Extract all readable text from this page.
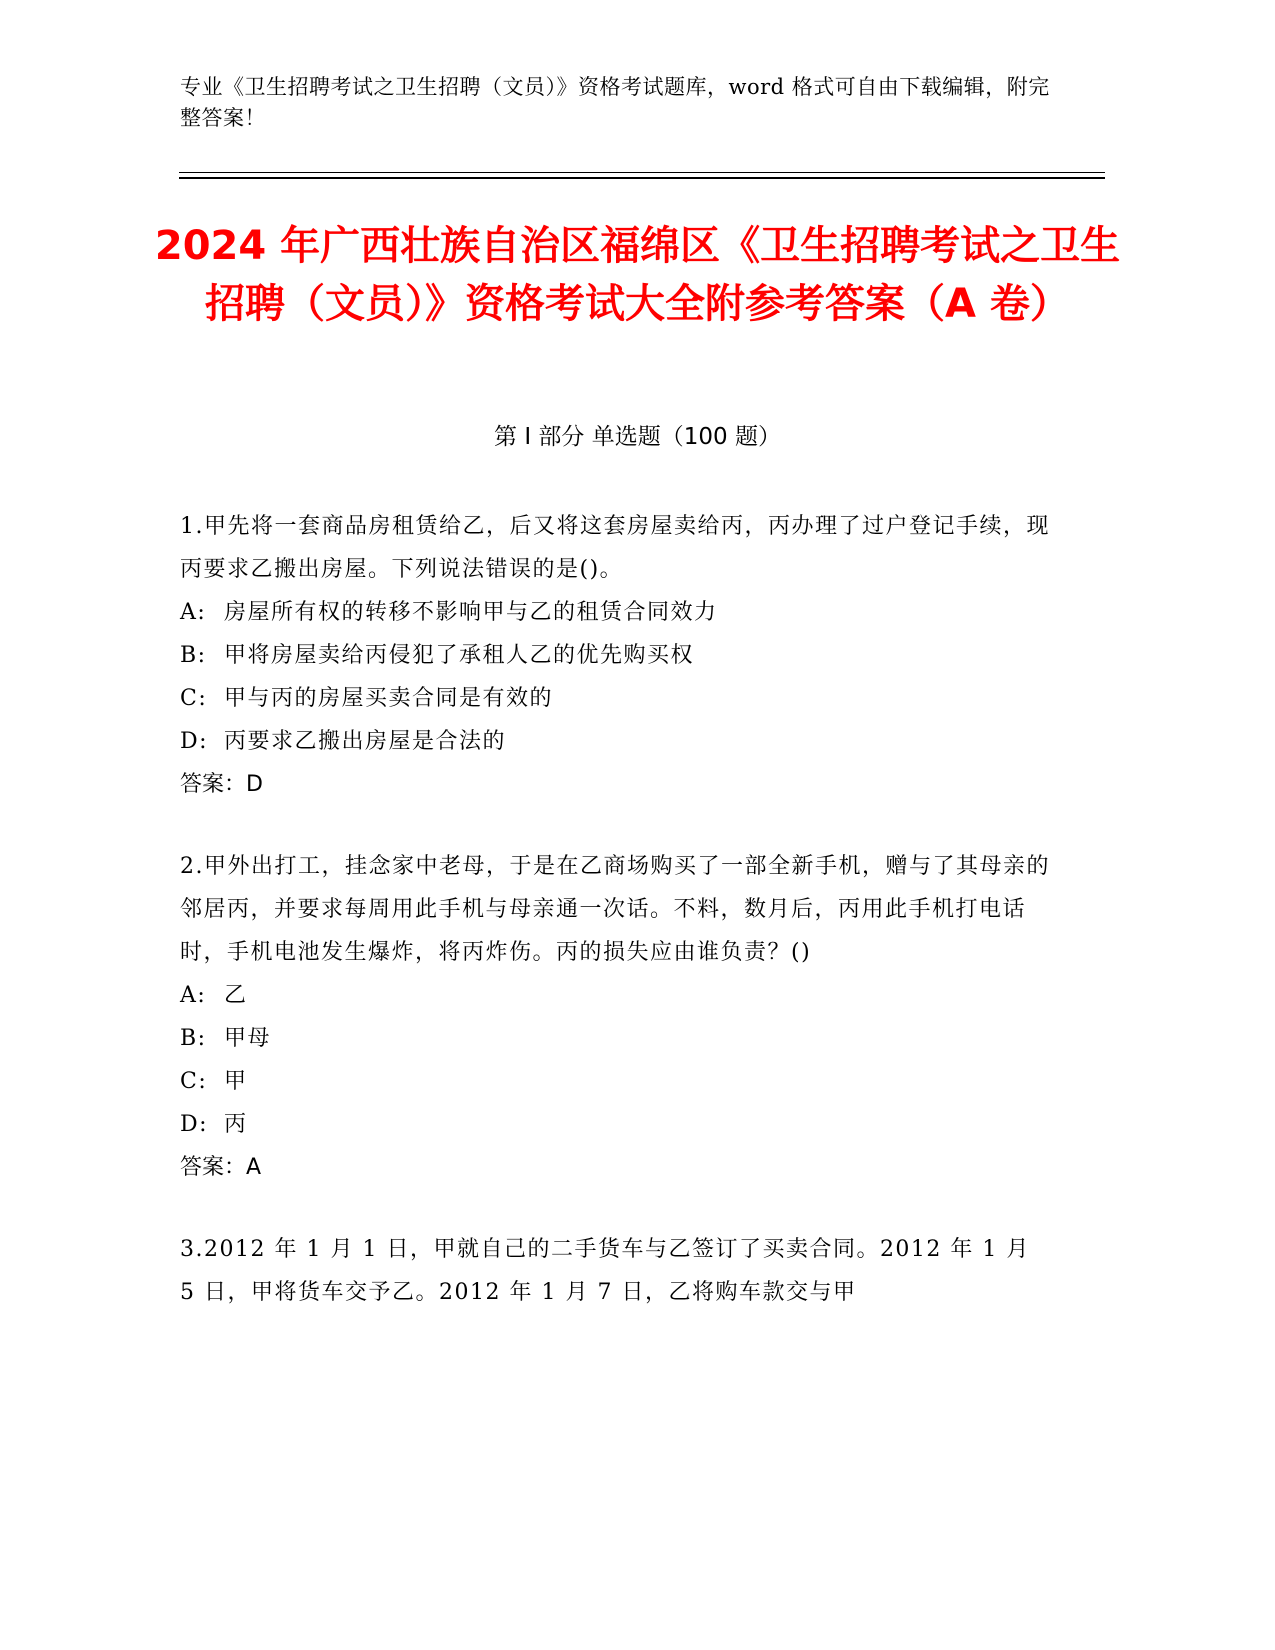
专业《卫生招聘考试之卫生招聘（文员）》资格考试题库，word 格式可自由下载编辑，附完整答案！
2024 年广西壮族自治区福绵区《卫生招聘考试之卫生招聘（文员）》资格考试大全附参考答案（A 卷）
第 I 部分 单选题（100 题）
1.甲先将一套商品房租赁给乙，后又将这套房屋卖给丙，丙办理了过户登记手续，现丙要求乙搬出房屋。下列说法错误的是()。
A: 房屋所有权的转移不影响甲与乙的租赁合同效力
B: 甲将房屋卖给丙侵犯了承租人乙的优先购买权
C: 甲与丙的房屋买卖合同是有效的
D: 丙要求乙搬出房屋是合法的
答案：D
2.甲外出打工，挂念家中老母，于是在乙商场购买了一部全新手机，赠与了其母亲的邻居丙，并要求每周用此手机与母亲通一次话。不料，数月后，丙用此手机打电话时，手机电池发生爆炸，将丙炸伤。丙的损失应由谁负责？()
A: 乙
B: 甲母
C: 甲
D: 丙
答案：A
3.2012 年 1 月 1 日，甲就自己的二手货车与乙签订了买卖合同。2012 年 1 月 5 日，甲将货车交予乙。2012 年 1 月 7 日，乙将购车款交与甲
